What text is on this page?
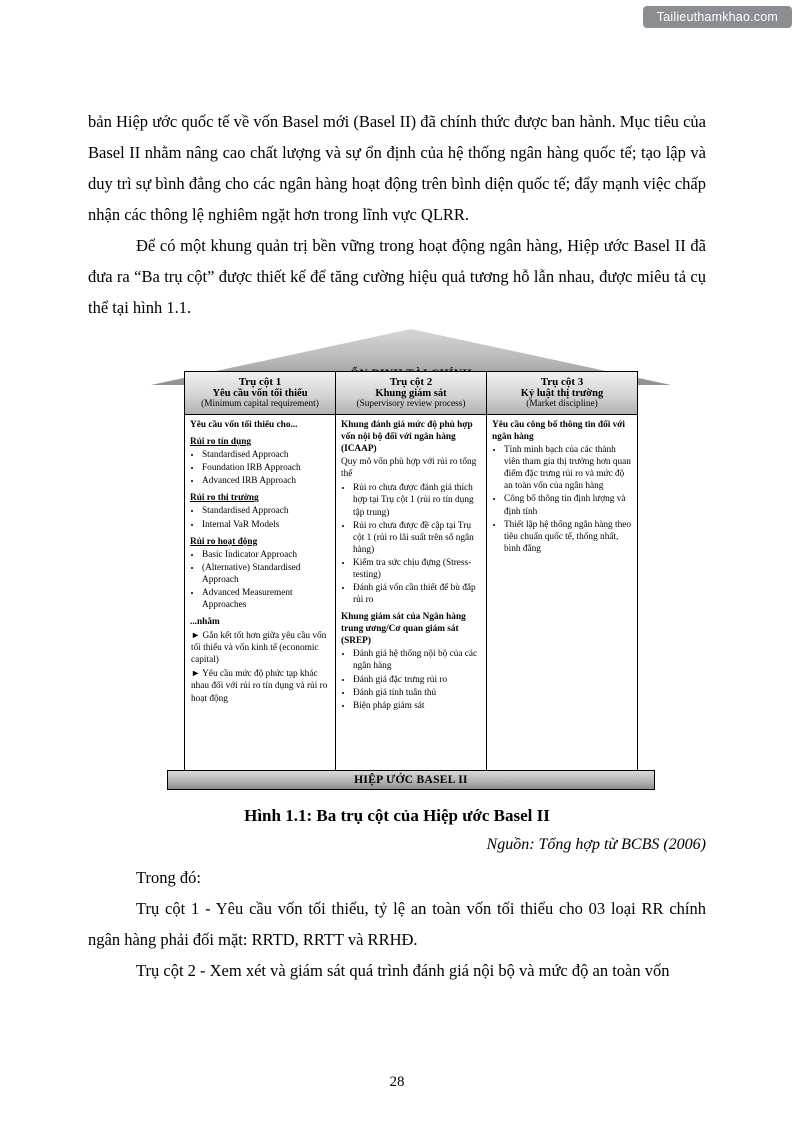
Tailieuthamkhao.com

bản Hiệp ước quốc tế về vốn Basel mới (Basel II) đã chính thức được ban hành. Mục tiêu của Basel II nhằm nâng cao chất lượng và sự ổn định của hệ thống ngân hàng quốc tế; tạo lập và duy trì sự bình đẳng cho các ngân hàng hoạt động trên bình diện quốc tế; đẩy mạnh việc chấp nhận các thông lệ nghiêm ngặt hơn trong lĩnh vực QLRR.

Để có một khung quản trị bền vững trong hoạt động ngân hàng, Hiệp ước Basel II đã đưa ra “Ba trụ cột” được thiết kế để tăng cường hiệu quả tương hỗ lẫn nhau, được miêu tả cụ thể tại hình 1.1.

Trụ cột 1
Yêu cầu vốn tối thiểu
(Minimum capital requirement)
Yêu cầu vốn tối thiểu cho...
Rủi ro tín dụng
• Standardised Approach
• Foundation IRB Approach
• Advanced IRB Approach
Rủi ro thị trường
• Standardised Approach
• Internal VaR Models
Rủi ro hoạt động
• Basic Indicator Approach
• (Alternative) Standardised Approach
• Advanced Measurement Approaches
...nhằm
► Gắn kết tốt hơn giữa yêu cầu vốn tối thiểu và vốn kinh tế (economic capital)
► Yêu cầu mức độ phức tạp khác nhau đối với rủi ro tín dụng và rủi ro hoạt động
Trụ cột 2
Khung giám sát
(Supervisory review process)
Khung đánh giá mức độ phù hợp vốn nội bộ đối với ngân hàng (ICAAP)
Quy mô vốn phù hợp với rủi ro tổng thể
• Rủi ro chưa được đánh giá thích hợp tại Trụ cột 1 (rủi ro tín dụng tập trung)
• Rủi ro chưa được đề cập tại Trụ cột 1 (rủi ro lãi suất trên sổ ngân hàng)
• Kiểm tra sức chịu đựng (Stress-testing)
• Đánh giá vốn cần thiết để bù đắp rủi ro
Khung giám sát của Ngân hàng trung ương/Cơ quan giám sát (SREP)
• Đánh giá hệ thống nội bộ của các ngân hàng
• Đánh giá đặc trưng rủi ro
• Đánh giá tính tuân thủ
• Biện pháp giám sát
Trụ cột 3
Kỷ luật thị trường
(Market discipline)
Yêu cầu công bố thông tin đối với ngân hàng
• Tính minh bạch của các thành viên tham gia thị trường hơn quan điểm đặc trưng rủi ro và mức độ an toàn vốn của ngân hàng
• Công bố thông tin định lượng và định tính
• Thiết lập hệ thống ngân hàng theo tiêu chuẩn quốc tế, thống nhất, bình đẳng
HIỆP ƯỚC BASEL II

Hình 1.1: Ba trụ cột của Hiệp ước Basel II

Nguồn: Tổng hợp từ BCBS (2006)

Trong đó:

Trụ cột 1 - Yêu cầu vốn tối thiểu, tỷ lệ an toàn vốn tối thiểu cho 03 loại RR chính ngân hàng phải đối mặt: RRTD, RRTT và RRHĐ.

Trụ cột 2 - Xem xét và giám sát quá trình đánh giá nội bộ và mức độ an toàn vốn

28
